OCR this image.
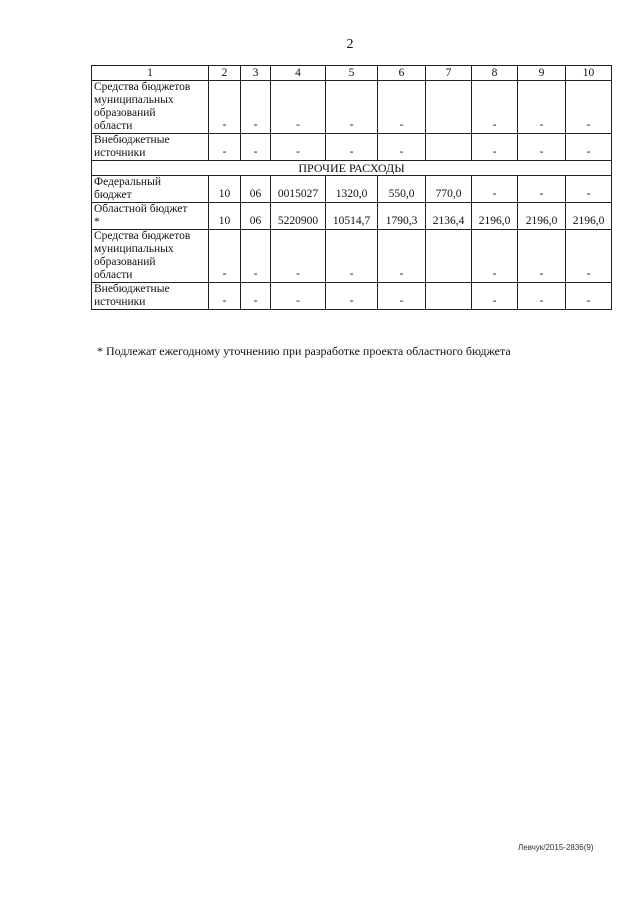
2
1	2	3	4	5	6	7	8	9	10

Средства бюджетов
муниципальных
образований
области	-	-	-	-	-		-	-	-

Внебюджетные
источники	-	-	-	-	-		-	-	-
ПРОЧИЕ РАСХОДЫ									

Федеральный
бюджет	10	06	0015027	1320,0	550,0	770,0	-	-	-

Областной бюджет
*	10	06	5220900	10514,7	1790,3	2136,4	2196,0	2196,0	2196,0

Средства бюджетов
муниципальных
образований
области	-	-	-	-	-		-	-	-

Внебюджетные
источники	-	-	-	-	-		-	-	-
* Подлежат ежегодному уточнению при разработке проекта областного бюджета
Левчук/2015-2836(9)
